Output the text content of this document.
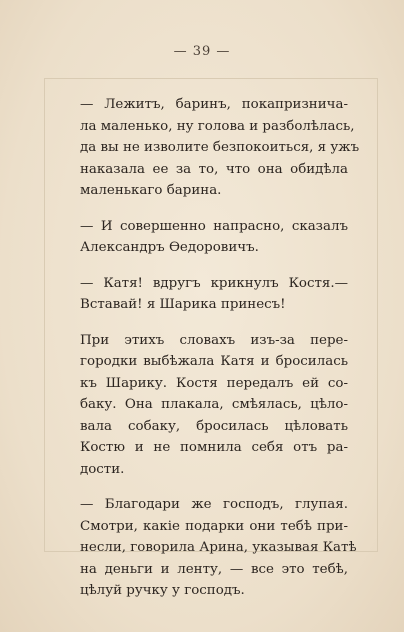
— 39 —

— Лежитъ, баринъ, покапризнича-
ла маленько, ну голова и разболѣлась,
да вы не изволите безпокоиться, я ужъ
наказала ее за то, что она обидѣла
маленькаго барина.

— И совершенно напрасно, сказалъ
Александръ Ѳедоровичъ.

— Катя! вдругъ крикнулъ Костя.—
Вставай! я Шарика принесъ!

При этихъ словахъ изъ-за пере-
городки выбѣжала Катя и бросилась
къ Шарику. Костя передалъ ей со-
баку. Она плакала, смѣялась, цѣло-
вала собаку, бросилась цѣловать
Костю и не помнила себя отъ ра-
дости.

— Благодари же господъ, глупая.
Смотри, какіе подарки они тебѣ при-
несли, говорила Арина, указывая Катѣ
на деньги и ленту, — все это тебѣ,
цѣлуй ручку у господъ.
